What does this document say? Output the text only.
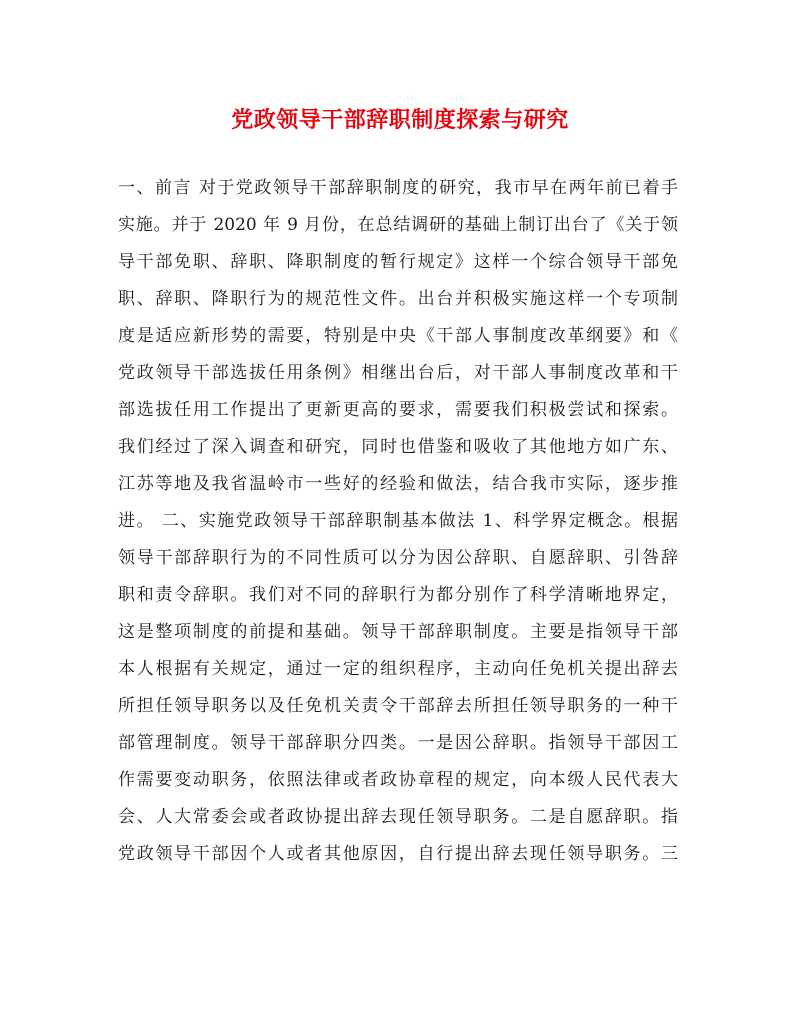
党政领导干部辞职制度探索与研究
一、前言 对于党政领导干部辞职制度的研究，我市早在两年前已着手
实施。并于 2020 年 9 月份，在总结调研的基础上制订出台了《关于领
导干部免职、辞职、降职制度的暂行规定》这样一个综合领导干部免
职、辞职、降职行为的规范性文件。出台并积极实施这样一个专项制
度是适应新形势的需要，特别是中央《干部人事制度改革纲要》和《
党政领导干部选拔任用条例》相继出台后，对干部人事制度改革和干
部选拔任用工作提出了更新更高的要求，需要我们积极尝试和探索。
我们经过了深入调查和研究，同时也借鉴和吸收了其他地方如广东、
江苏等地及我省温岭市一些好的经验和做法，结合我市实际，逐步推
进。 二、实施党政领导干部辞职制基本做法 1、科学界定概念。根据
领导干部辞职行为的不同性质可以分为因公辞职、自愿辞职、引咎辞
职和责令辞职。我们对不同的辞职行为都分别作了科学清晰地界定，
这是整项制度的前提和基础。领导干部辞职制度。主要是指领导干部
本人根据有关规定，通过一定的组织程序，主动向任免机关提出辞去
所担任领导职务以及任免机关责令干部辞去所担任领导职务的一种干
部管理制度。领导干部辞职分四类。一是因公辞职。指领导干部因工
作需要变动职务，依照法律或者政协章程的规定，向本级人民代表大
会、人大常委会或者政协提出辞去现任领导职务。二是自愿辞职。指
党政领导干部因个人或者其他原因，自行提出辞去现任领导职务。三
